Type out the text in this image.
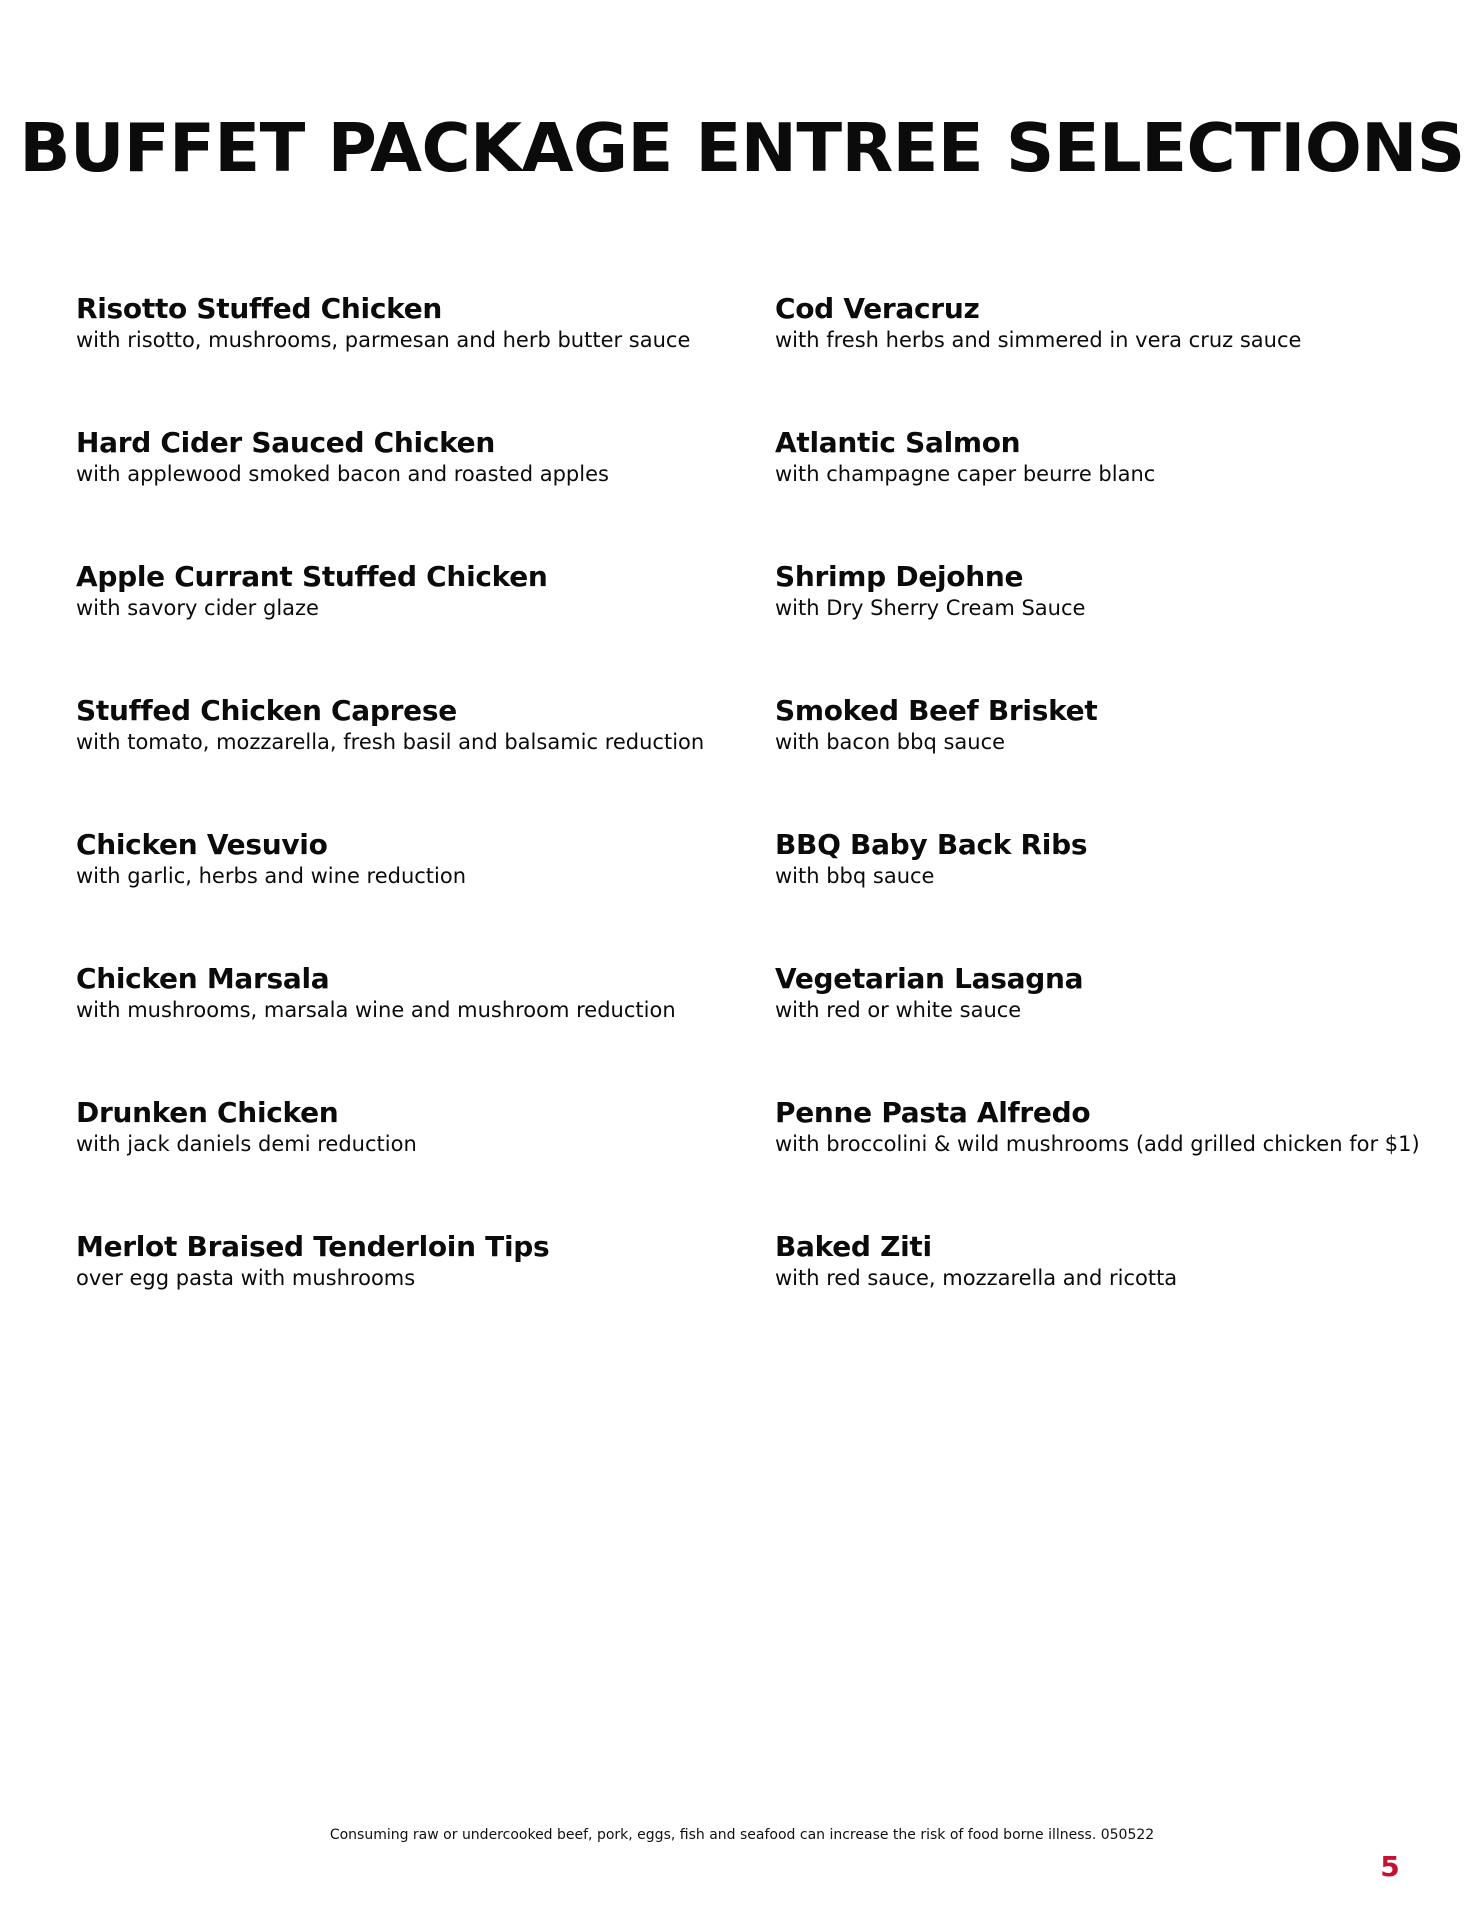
BUFFET PACKAGE ENTREE SELECTIONS
Risotto Stuffed Chicken
with risotto, mushrooms, parmesan and herb butter sauce
Hard Cider Sauced Chicken
with applewood smoked bacon and roasted apples
Apple Currant Stuffed Chicken
with savory cider glaze
Stuffed Chicken Caprese
with tomato, mozzarella, fresh basil and balsamic reduction
Chicken Vesuvio
with garlic, herbs and wine reduction
Chicken Marsala
with mushrooms, marsala wine and mushroom reduction
Drunken Chicken
with jack daniels demi reduction
Merlot Braised Tenderloin Tips
over egg pasta with mushrooms
Cod Veracruz
with fresh herbs and simmered in vera cruz sauce
Atlantic Salmon
with champagne caper beurre blanc
Shrimp Dejohne
with Dry Sherry Cream Sauce
Smoked Beef Brisket
with bacon bbq sauce
BBQ Baby Back Ribs
with bbq sauce
Vegetarian Lasagna
with red or white sauce
Penne Pasta Alfredo
with broccolini & wild mushrooms (add grilled chicken for $1)
Baked Ziti
with red sauce, mozzarella and ricotta
Consuming raw or undercooked beef, pork, eggs, fish and seafood can increase the risk of food borne illness. 050522
5
